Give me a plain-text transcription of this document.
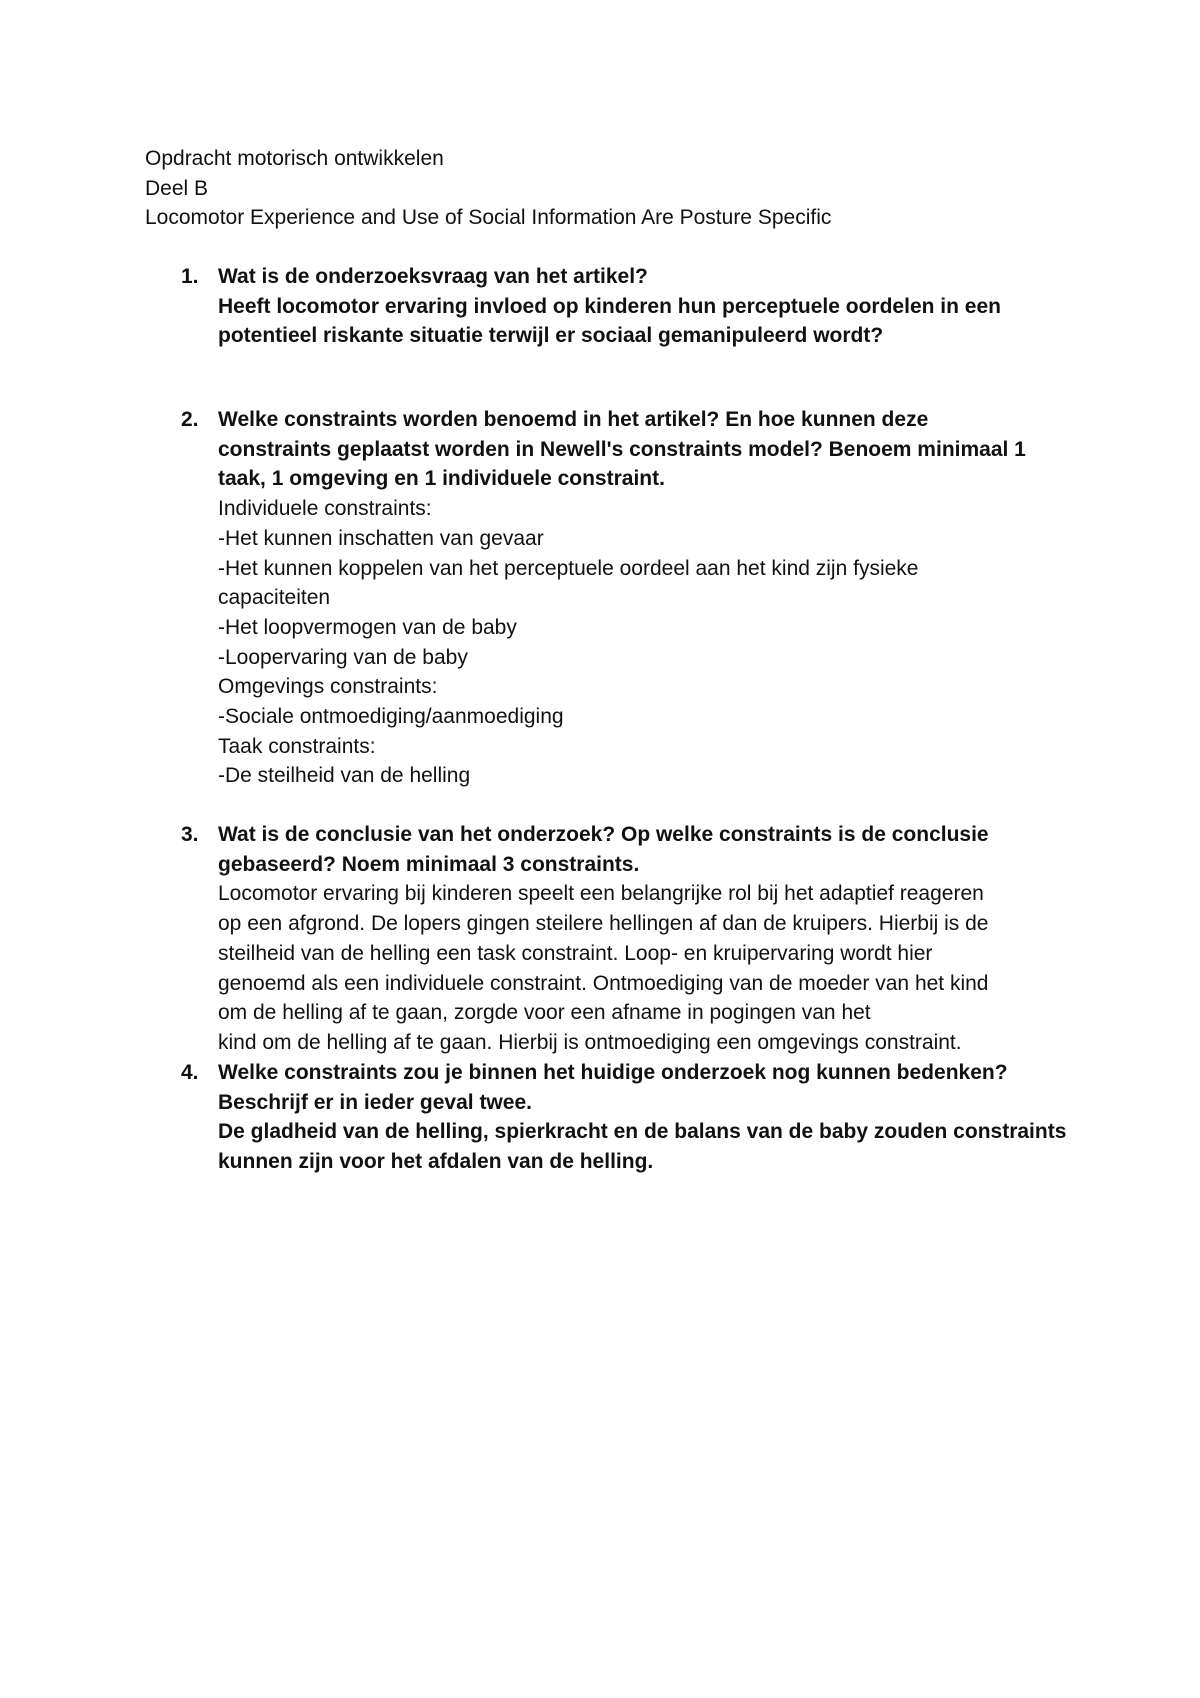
Opdracht motorisch ontwikkelen
Deel B
Locomotor Experience and Use of Social Information Are Posture Specific
1. Wat is de onderzoeksvraag van het artikel?
Heeft locomotor ervaring invloed op kinderen hun perceptuele oordelen in een
potentieel riskante situatie terwijl er sociaal gemanipuleerd wordt?
2. Welke constraints worden benoemd in het artikel? En hoe kunnen deze
constraints geplaatst worden in Newell's constraints model? Benoem minimaal 1
taak, 1 omgeving en 1 individuele constraint.
Individuele constraints:
-Het kunnen inschatten van gevaar
-Het kunnen koppelen van het perceptuele oordeel aan het kind zijn fysieke
capaciteiten
-Het loopvermogen van de baby
-Loopervaring van de baby
Omgevings constraints:
-Sociale ontmoediging/aanmoediging
Taak constraints:
-De steilheid van de helling
3. Wat is de conclusie van het onderzoek? Op welke constraints is de conclusie
gebaseerd? Noem minimaal 3 constraints.
Locomotor ervaring bij kinderen speelt een belangrijke rol bij het adaptief reageren
op een afgrond. De lopers gingen steilere hellingen af dan de kruipers. Hierbij is de
steilheid van de helling een task constraint. Loop- en kruipervaring wordt hier
genoemd als een individuele constraint. Ontmoediging van de moeder van het kind
om de helling af te gaan, zorgde voor een afname in pogingen van het
kind om de helling af te gaan. Hierbij is ontmoediging een omgevings constraint.
4. Welke constraints zou je binnen het huidige onderzoek nog kunnen bedenken?
Beschrijf er in ieder geval twee.
De gladheid van de helling, spierkracht en de balans van de baby zouden constraints
kunnen zijn voor het afdalen van de helling.
